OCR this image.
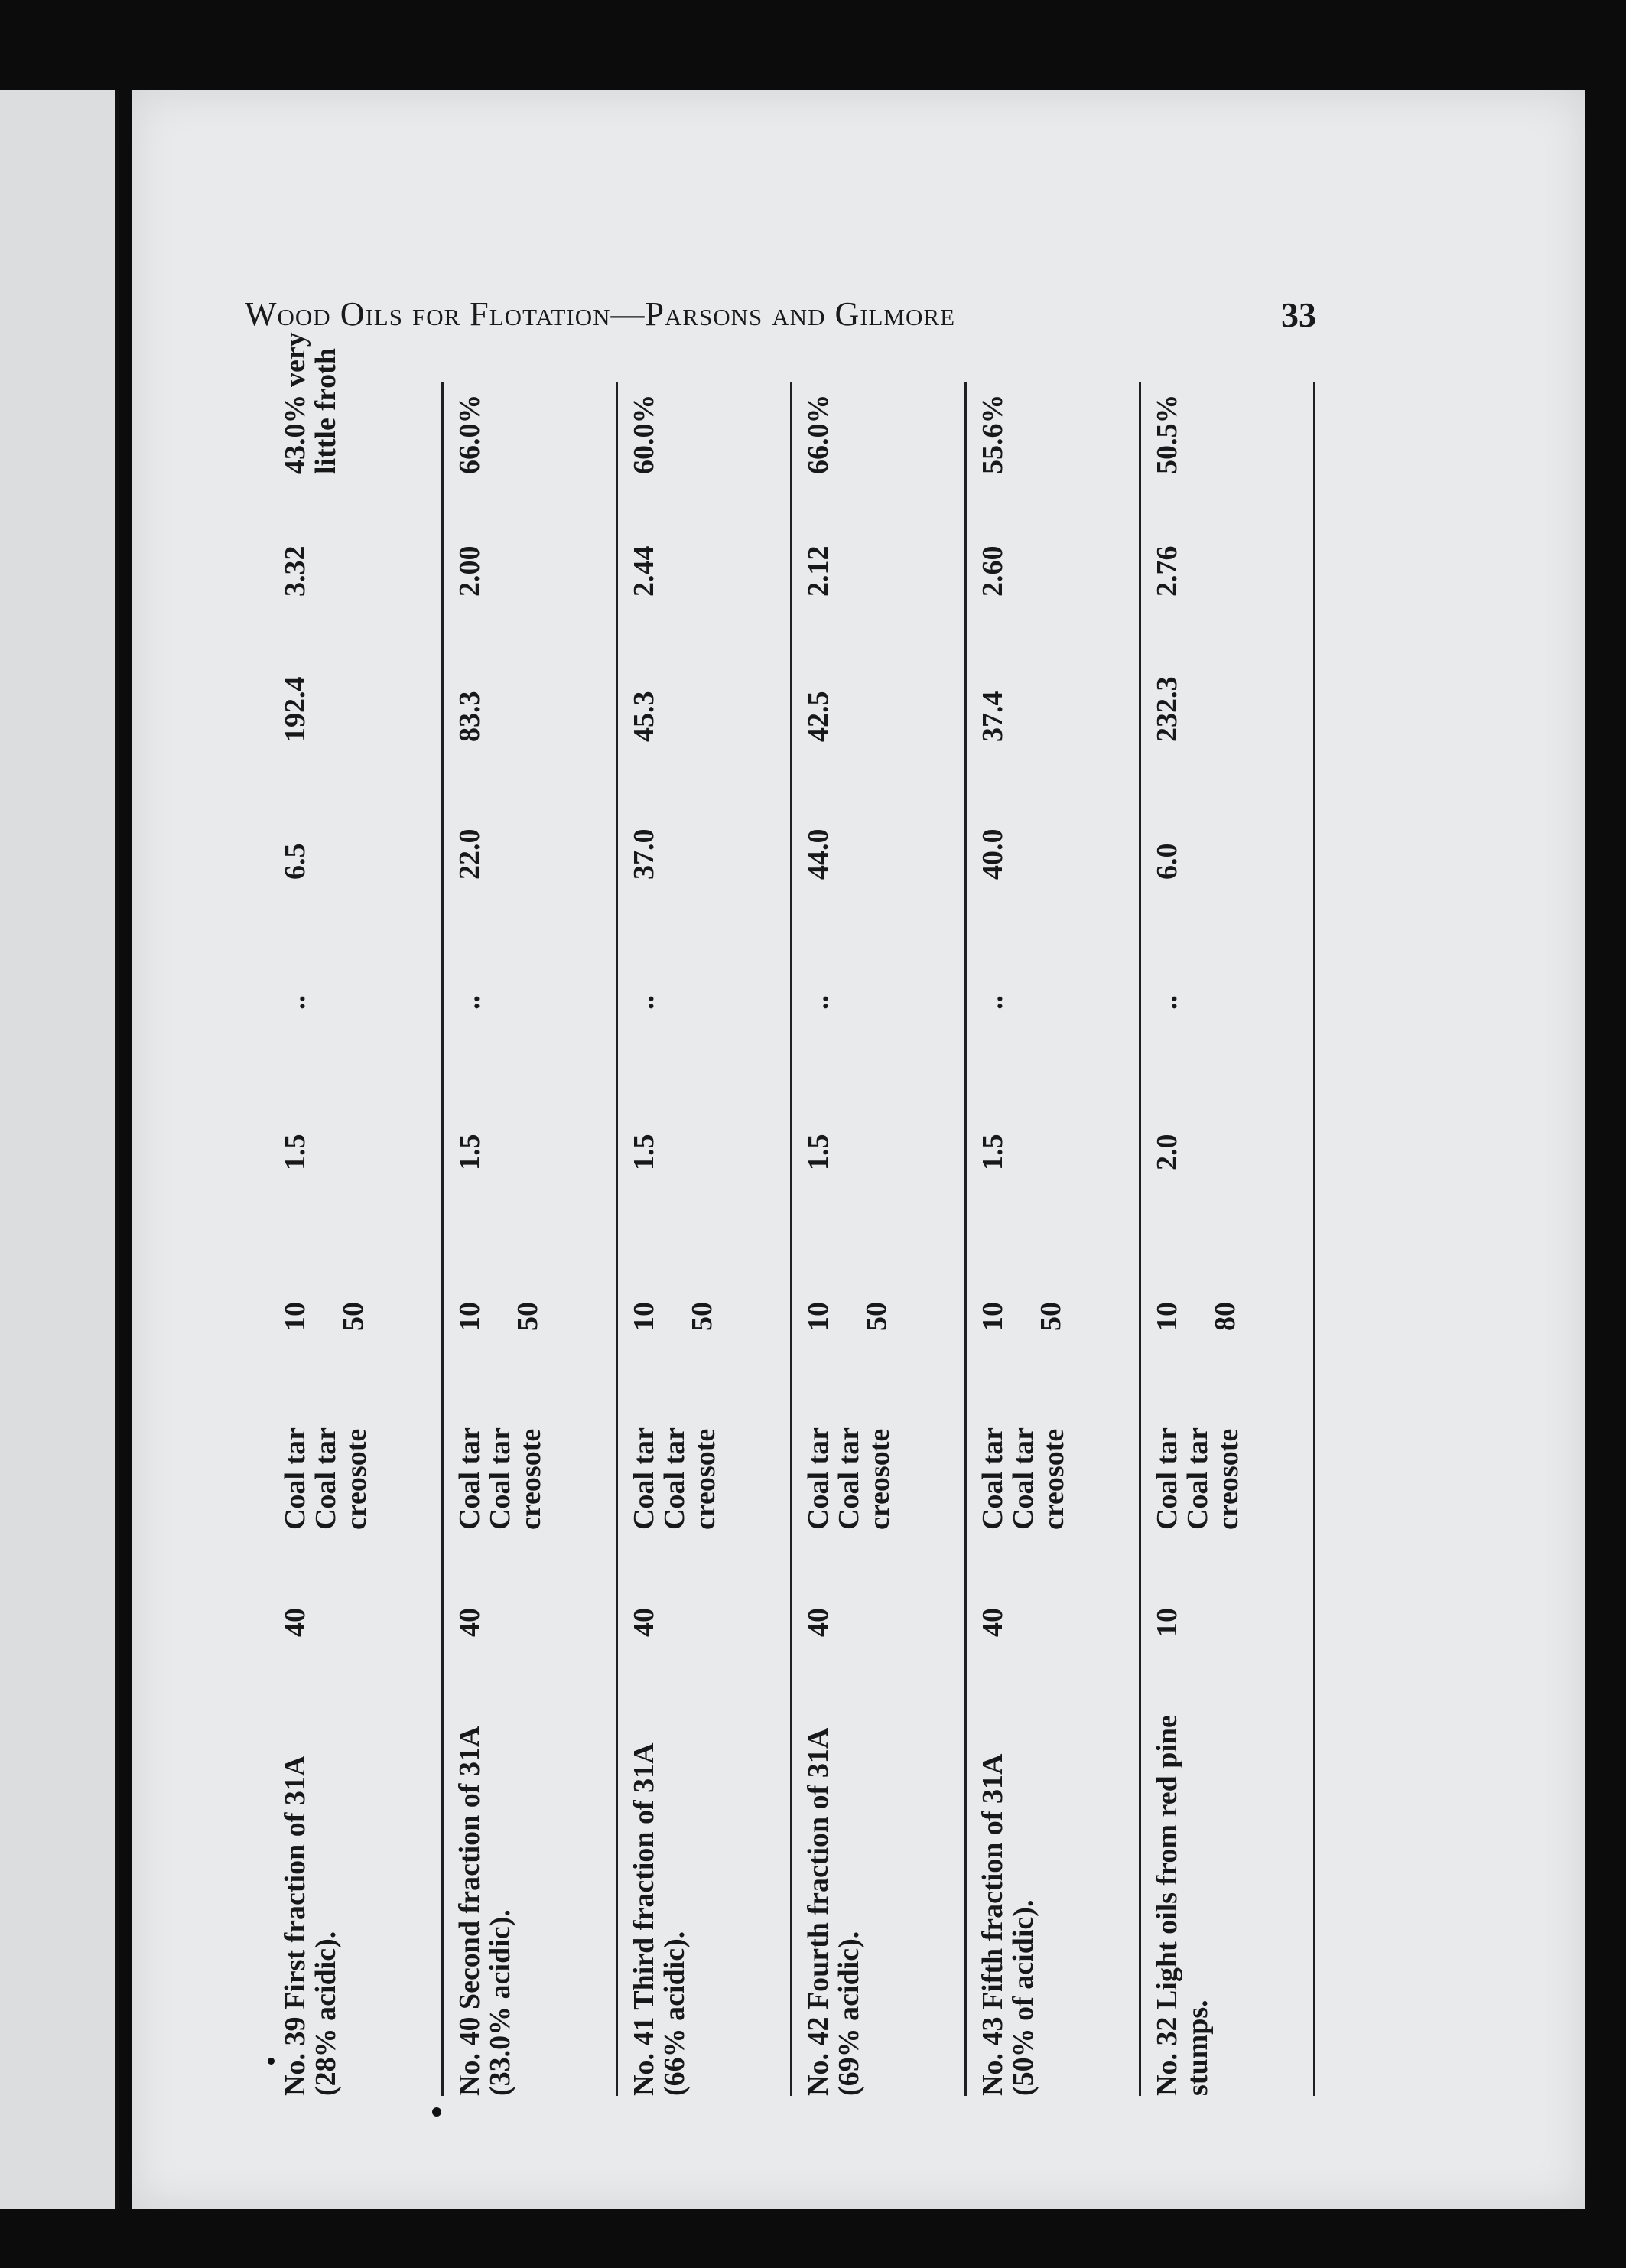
Wood Oils for Flotation—Parsons and Gilmore	33
No. 39 First fraction of 31A (28% acidic).
40
Coal tar Coal tar creosote
10 50
1.5
..
6.5
192.4
3.32
43.0% very little froth
No. 40 Second fraction of 31A (33.0% acidic).
40
Coal tar Coal tar creosote
10 50
1.5
..
22.0
83.3
2.00
66.0%
No. 41 Third fraction of 31A (66% acidic).
40
Coal tar Coal tar creosote
10 50
1.5
..
37.0
45.3
2.44
60.0%
No. 42 Fourth fraction of 31A (69% acidic).
40
Coal tar Coal tar creosote
10 50
1.5
..
44.0
42.5
2.12
66.0%
No. 43 Fifth fraction of 31A (50% of acidic).
40
Coal tar Coal tar creosote
10 50
1.5
..
40.0
37.4
2.60
55.6%
No. 32 Light oils from red pine stumps.
10
Coal tar Coal tar creosote
10 80
2.0
..
6.0
232.3
2.76
50.5%
